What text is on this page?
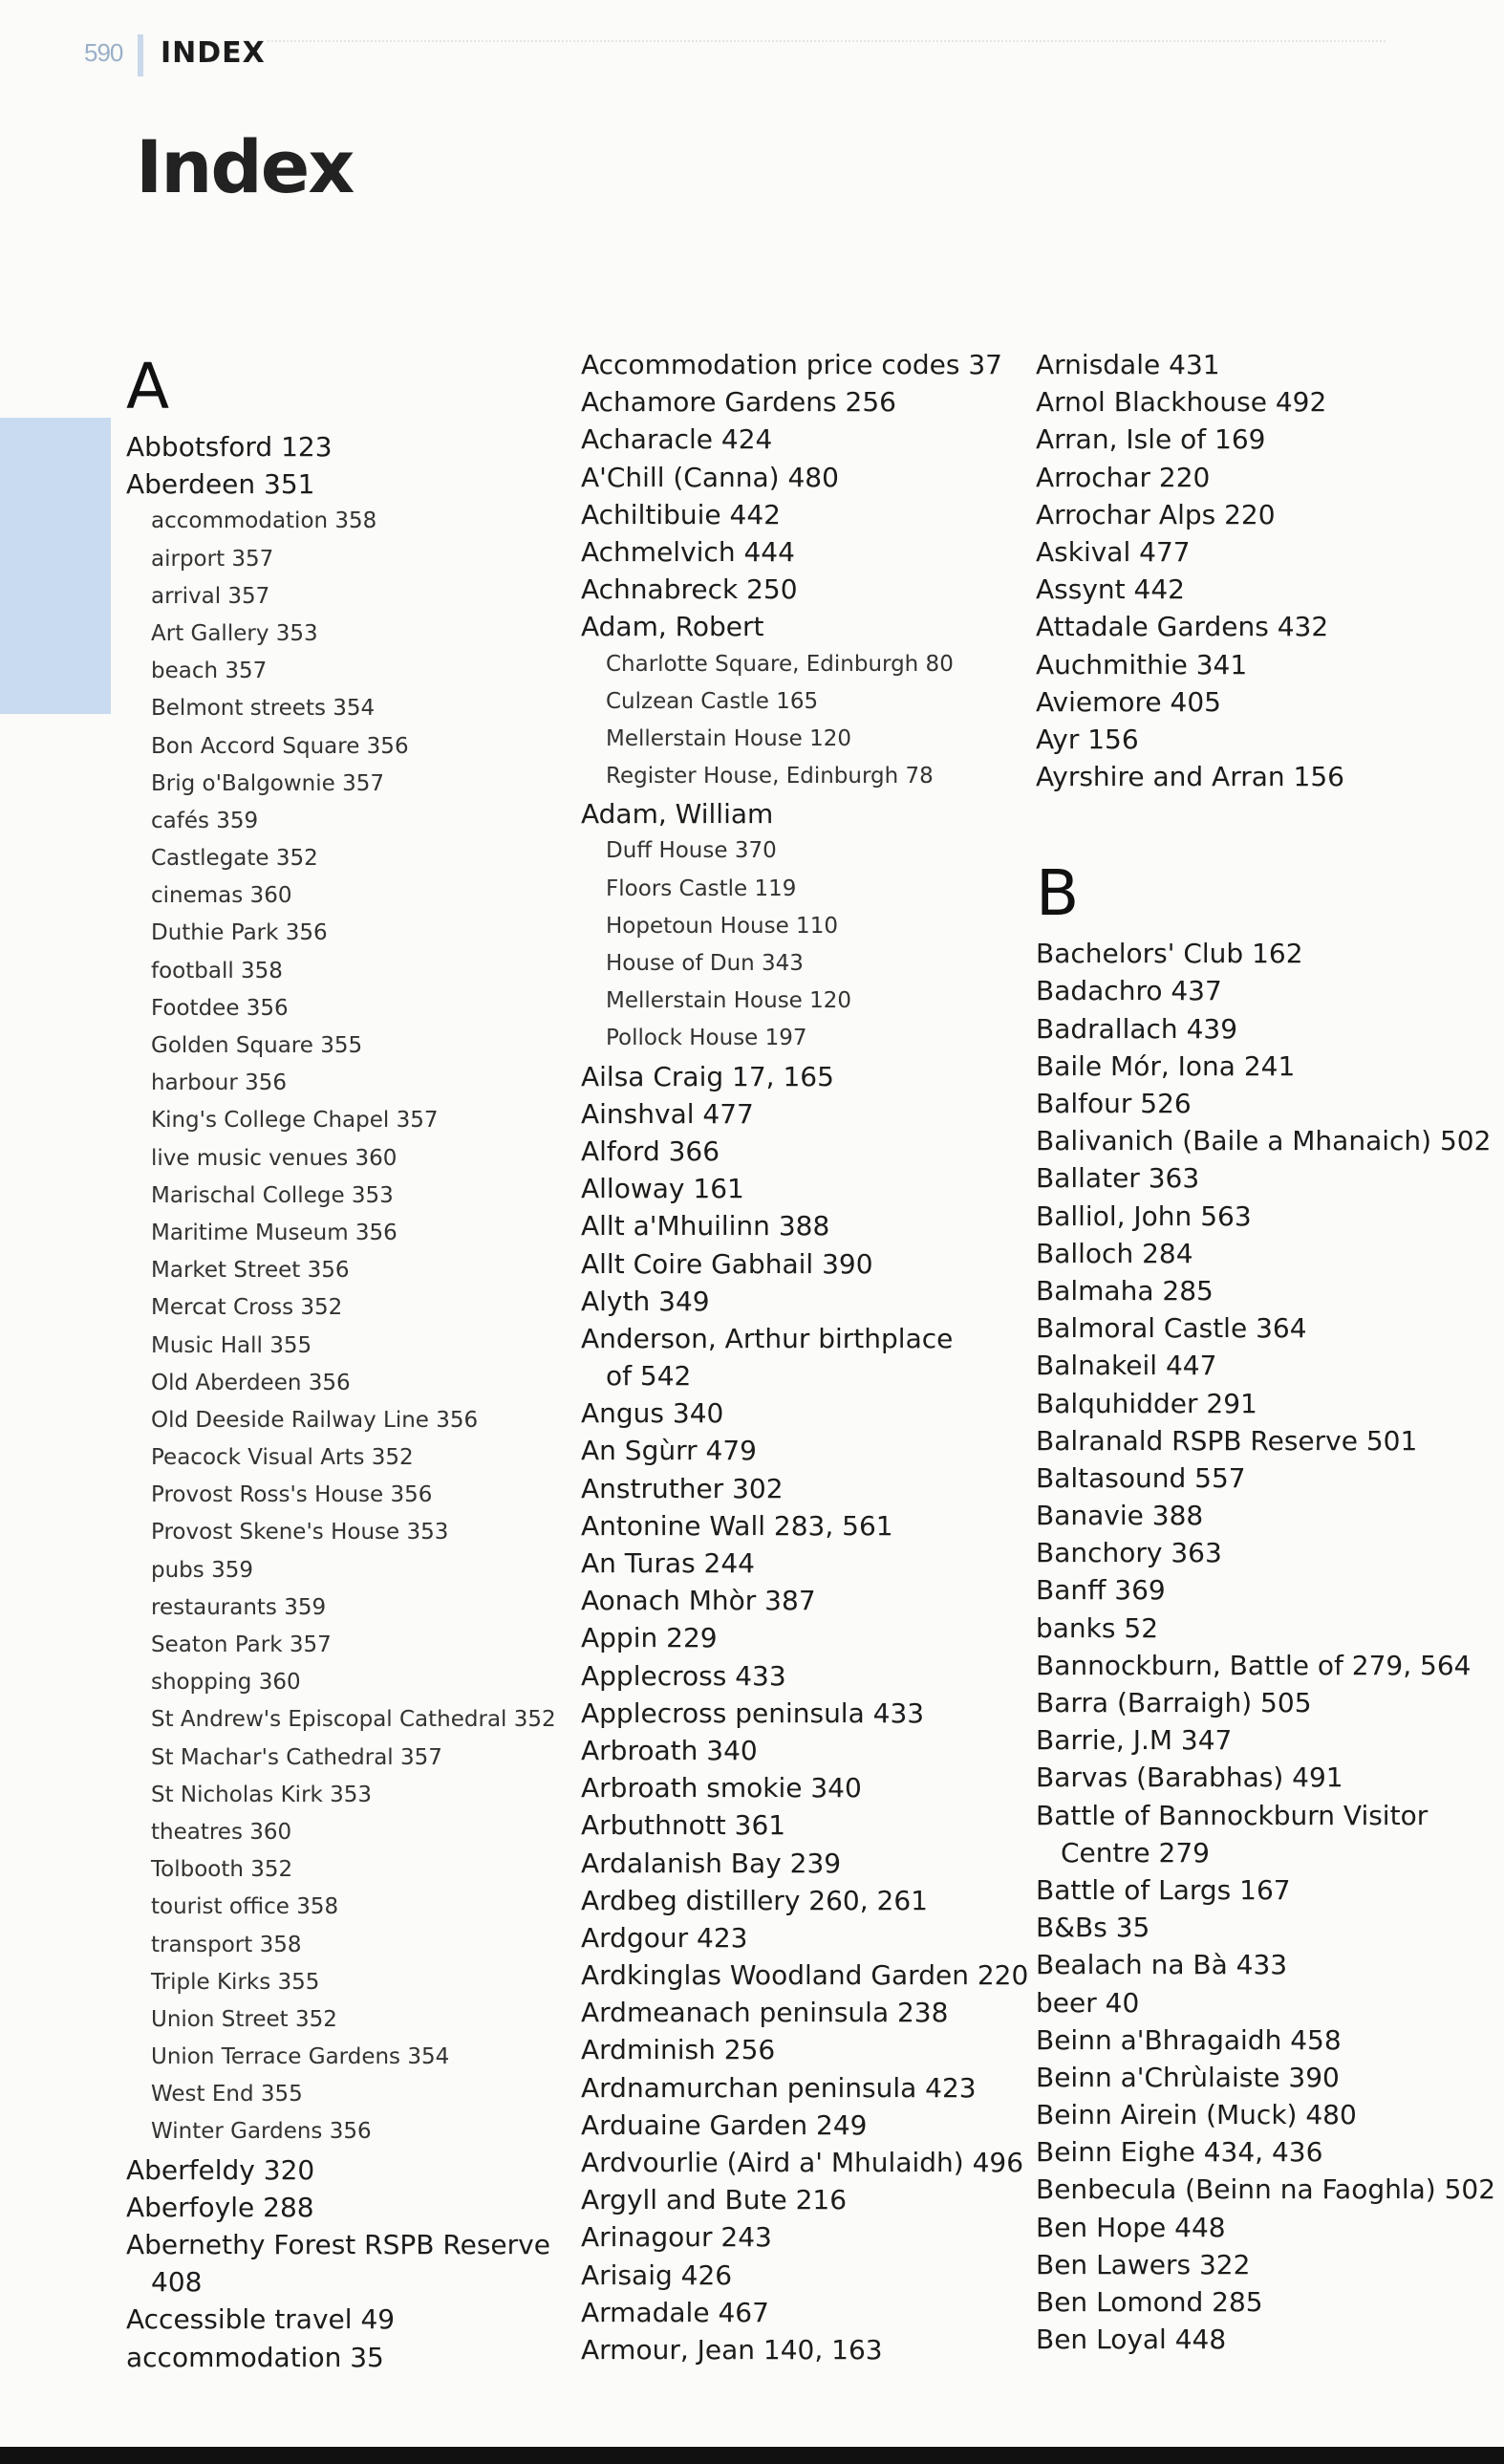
590 INDEX
Index
A
Abbotsford 123
Aberdeen 351
accommodation 358
airport 357
arrival 357
Art Gallery 353
beach 357
Belmont streets 354
Bon Accord Square 356
Brig o'Balgownie 357
cafés 359
Castlegate 352
cinemas 360
Duthie Park 356
football 358
Footdee 356
Golden Square 355
harbour 356
King's College Chapel 357
live music venues 360
Marischal College 353
Maritime Museum 356
Market Street 356
Mercat Cross 352
Music Hall 355
Old Aberdeen 356
Old Deeside Railway Line 356
Peacock Visual Arts 352
Provost Ross's House 356
Provost Skene's House 353
pubs 359
restaurants 359
Seaton Park 357
shopping 360
St Andrew's Episcopal Cathedral 352
St Machar's Cathedral 357
St Nicholas Kirk 353
theatres 360
Tolbooth 352
tourist office 358
transport 358
Triple Kirks 355
Union Street 352
Union Terrace Gardens 354
West End 355
Winter Gardens 356
Aberfeldy 320
Aberfoyle 288
Abernethy Forest RSPB Reserve
408
Accessible travel 49
accommodation 35
Accommodation price codes 37
Achamore Gardens 256
Acharacle 424
A'Chill (Canna) 480
Achiltibuie 442
Achmelvich 444
Achnabreck 250
Adam, Robert
Charlotte Square, Edinburgh 80
Culzean Castle 165
Mellerstain House 120
Register House, Edinburgh 78
Adam, William
Duff House 370
Floors Castle 119
Hopetoun House 110
House of Dun 343
Mellerstain House 120
Pollock House 197
Ailsa Craig 17, 165
Ainshval 477
Alford 366
Alloway 161
Allt a'Mhuilinn 388
Allt Coire Gabhail 390
Alyth 349
Anderson, Arthur birthplace
of 542
Angus 340
An Sgùrr 479
Anstruther 302
Antonine Wall 283, 561
An Turas 244
Aonach Mhòr 387
Appin 229
Applecross 433
Applecross peninsula 433
Arbroath 340
Arbroath smokie 340
Arbuthnott 361
Ardalanish Bay 239
Ardbeg distillery 260, 261
Ardgour 423
Ardkinglas Woodland Garden 220
Ardmeanach peninsula 238
Ardminish 256
Ardnamurchan peninsula 423
Arduaine Garden 249
Ardvourlie (Aird a' Mhulaidh) 496
Argyll and Bute 216
Arinagour 243
Arisaig 426
Armadale 467
Armour, Jean 140, 163
Arnisdale 431
Arnol Blackhouse 492
Arran, Isle of 169
Arrochar 220
Arrochar Alps 220
Askival 477
Assynt 442
Attadale Gardens 432
Auchmithie 341
Aviemore 405
Ayr 156
Ayrshire and Arran 156
B
Bachelors' Club 162
Badachro 437
Badrallach 439
Baile Mór, Iona 241
Balfour 526
Balivanich (Baile a Mhanaich) 502
Ballater 363
Balliol, John 563
Balloch 284
Balmaha 285
Balmoral Castle 364
Balnakeil 447
Balquhidder 291
Balranald RSPB Reserve 501
Baltasound 557
Banavie 388
Banchory 363
Banff 369
banks 52
Bannockburn, Battle of 279, 564
Barra (Barraigh) 505
Barrie, J.M 347
Barvas (Barabhas) 491
Battle of Bannockburn Visitor
Centre 279
Battle of Largs 167
B&Bs 35
Bealach na Bà 433
beer 40
Beinn a'Bhragaidh 458
Beinn a'Chrùlaiste 390
Beinn Airein (Muck) 480
Beinn Eighe 434, 436
Benbecula (Beinn na Faoghla) 502
Ben Hope 448
Ben Lawers 322
Ben Lomond 285
Ben Loyal 448
